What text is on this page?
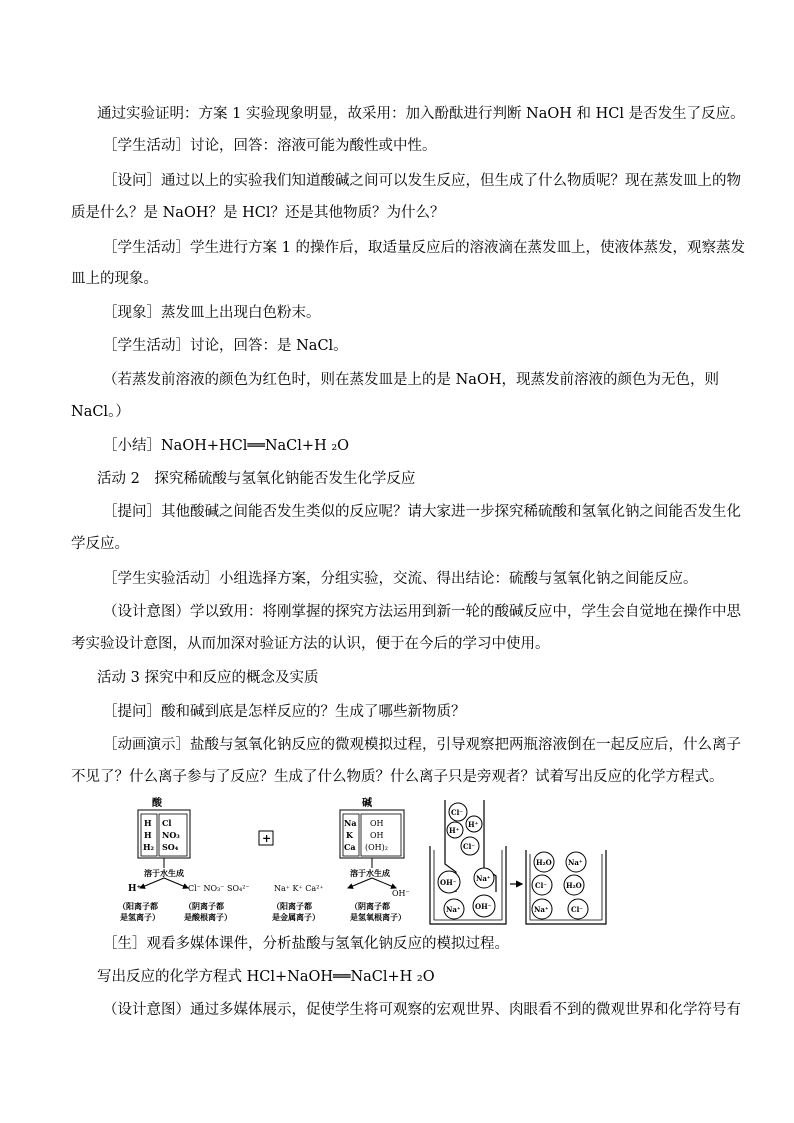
通过实验证明：方案 1 实验现象明显，故采用：加入酚酞进行判断 NaOH 和 HCl 是否发生了反应。
［学生活动］讨论，回答：溶液可能为酸性或中性。
［设问］通过以上的实验我们知道酸碱之间可以发生反应，但生成了什么物质呢？现在蒸发皿上的物
质是什么？是 NaOH？是 HCl？还是其他物质？为什么？
［学生活动］学生进行方案 1 的操作后，取适量反应后的溶液滴在蒸发皿上，使液体蒸发，观察蒸发
皿上的现象。
［现象］蒸发皿上出现白色粉末。
［学生活动］讨论，回答：是 NaCl。
（若蒸发前溶液的颜色为红色时，则在蒸发皿是上的是 NaOH，现蒸发前溶液的颜色为无色，则
NaCl。）
［小结］NaOH+HCl══NaCl+H ₂O
活动 2　探究稀硫酸与氢氧化钠能否发生化学反应
［提问］其他酸碱之间能否发生类似的反应呢？请大家进一步探究稀硫酸和氢氧化钠之间能否发生化
学反应。
［学生实验活动］小组选择方案，分组实验，交流、得出结论：硫酸与氢氧化钠之间能反应。
（设计意图）学以致用：将刚掌握的探究方法运用到新一轮的酸碱反应中，学生会自觉地在操作中思
考实验设计意图，从而加深对验证方法的认识，便于在今后的学习中使用。
活动 3 探究中和反应的概念及实质
［提问］酸和碱到底是怎样反应的？生成了哪些新物质？
［动画演示］盐酸与氢氧化钠反应的微观模拟过程，引导观察把两瓶溶液倒在一起反应后，什么离子
不见了？什么离子参与了反应？生成了什么物质？什么离子只是旁观者？试着写出反应的化学方程式。
酸
H
H
H₂
Cl
NO₃
SO₄
溶于水生成
H⁺	Cl⁻ NO₃⁻ SO₄²⁻
（阳离子都
是氢离子）
（阴离子都
是酸根离子）
+
碱
Na
K
Ca
OH
OH
(OH)₂
溶于水生成
Na⁺ K⁺ Ca²⁺
OH⁻
（阳离子都
是金属离子）
（阴离子都
是氢氧根离子）
Cl⁻
H⁺
H⁺
Cl⁻
OH⁻	Na⁺
Na⁺ OH⁻
H₂O Na⁺
Cl⁻	H₂O
Na⁺	Cl⁻
［生］观看多媒体课件，分析盐酸与氢氧化钠反应的模拟过程。
写出反应的化学方程式 HCl+NaOH══NaCl+H ₂O
（设计意图）通过多媒体展示，促使学生将可观察的宏观世界、肉眼看不到的微观世界和化学符号有
